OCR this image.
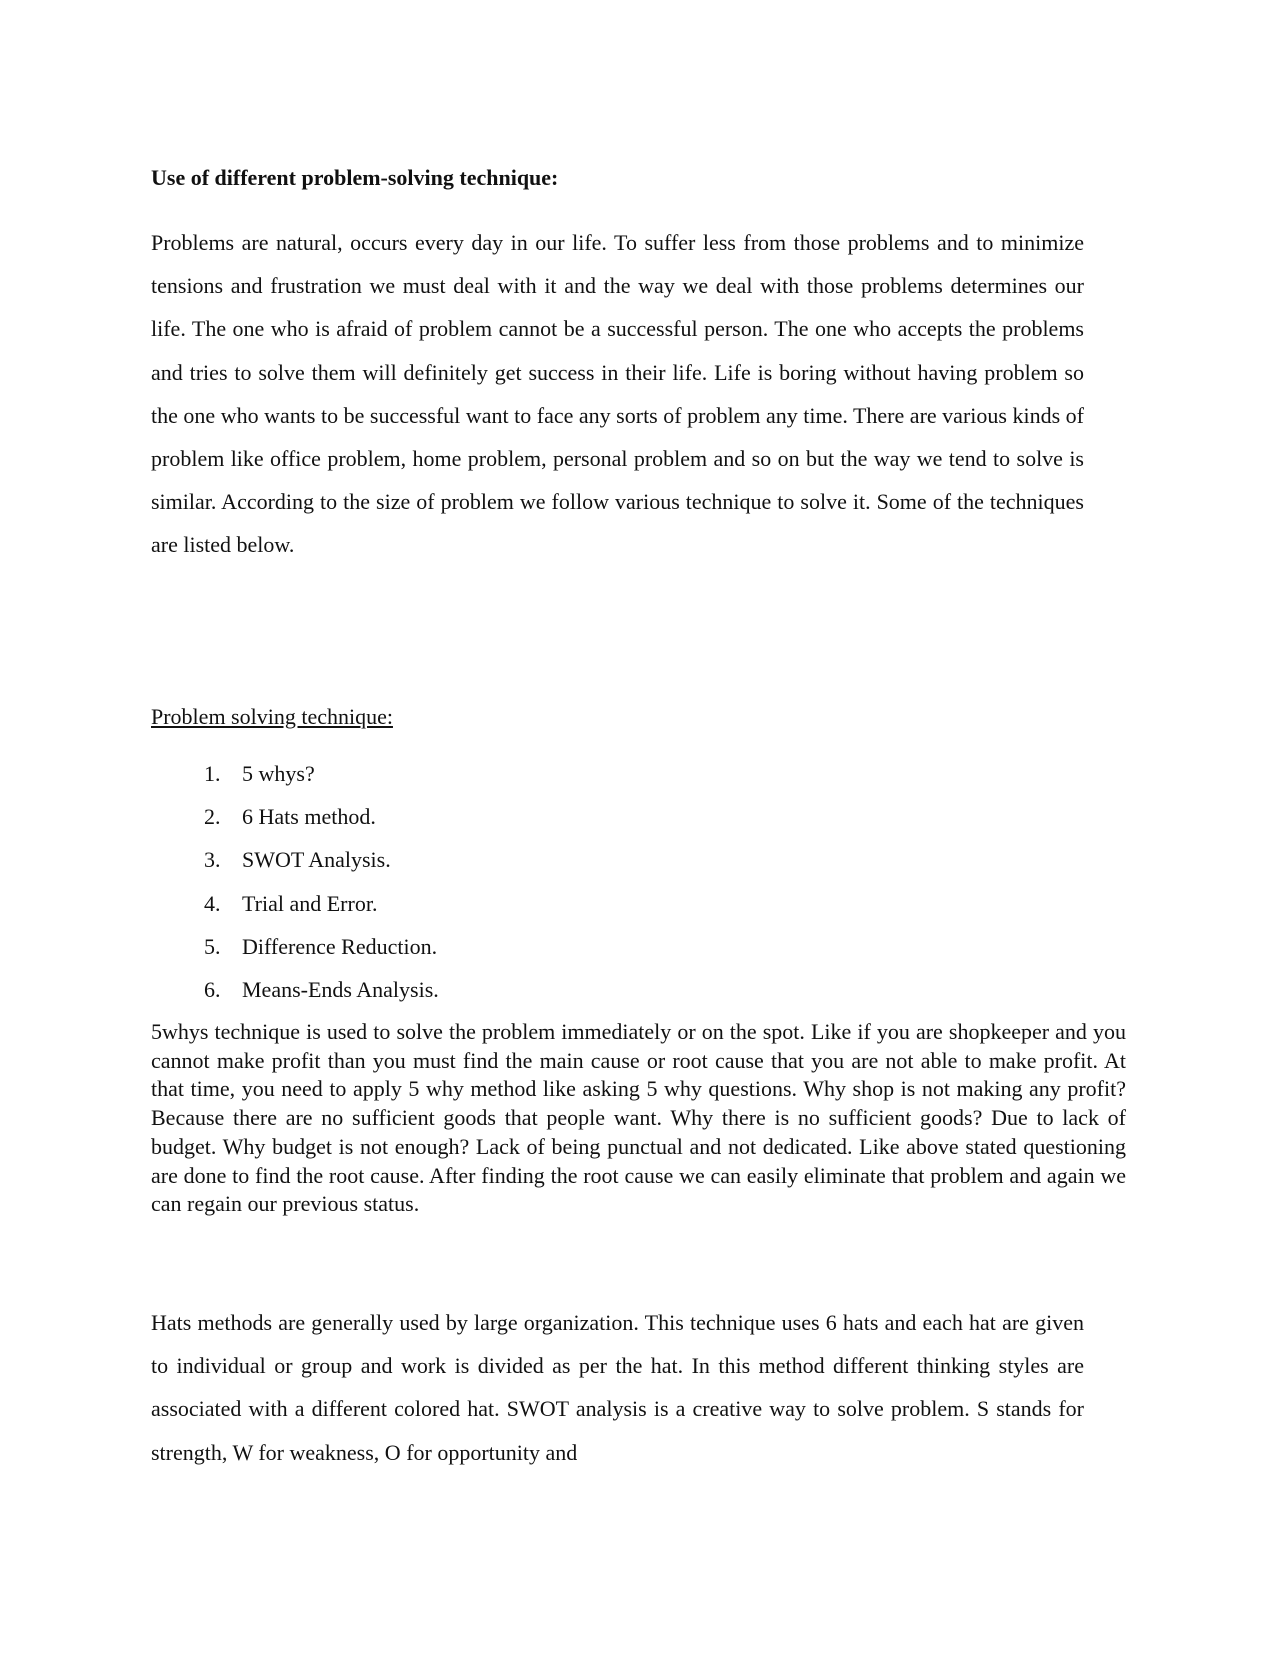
Use of different problem-solving technique:

Problems are natural, occurs every day in our life. To suffer less from those problems and to minimize tensions and frustration we must deal with it and the way we deal with those problems determines our life. The one who is afraid of problem cannot be a successful person. The one who accepts the problems and tries to solve them will definitely get success in their life. Life is boring without having problem so the one who wants to be successful want to face any sorts of problem any time. There are various kinds of problem like office problem, home problem, personal problem and so on but the way we tend to solve is similar. According to the size of problem we follow various technique to solve it. Some of the techniques are listed below.

Problem solving technique:
1. 5 whys?
2. 6 Hats method.
3. SWOT Analysis.
4. Trial and Error.
5. Difference Reduction.
6. Means-Ends Analysis.

5whys technique is used to solve the problem immediately or on the spot. Like if you are shopkeeper and you cannot make profit than you must find the main cause or root cause that you are not able to make profit. At that time, you need to apply 5 why method like asking 5 why questions. Why shop is not making any profit? Because there are no sufficient goods that people want. Why there is no sufficient goods? Due to lack of budget. Why budget is not enough? Lack of being punctual and not dedicated. Like above stated questioning are done to find the root cause. After finding the root cause we can easily eliminate that problem and again we can regain our previous status.

Hats methods are generally used by large organization. This technique uses 6 hats and each hat are given to individual or group and work is divided as per the hat. In this method different thinking styles are associated with a different colored hat. SWOT analysis is a creative way to solve problem. S stands for strength, W for weakness, O for opportunity and
